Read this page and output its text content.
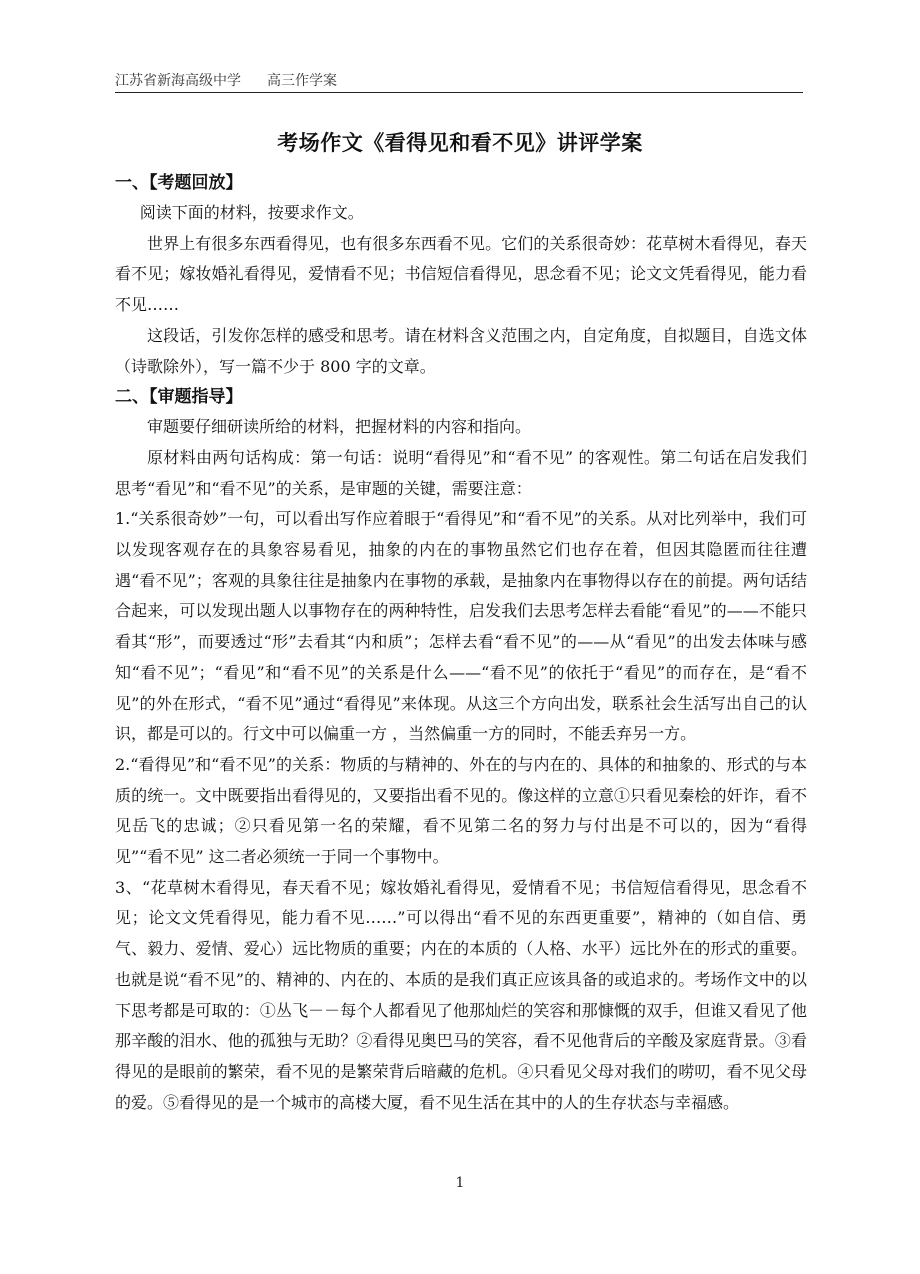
江苏省新海高级中学 高三作学案
考场作文《看得见和看不见》讲评学案
一、【考题回放】

阅读下面的材料，按要求作文。

世界上有很多东西看得见，也有很多东西看不见。它们的关系很奇妙：花草树木看得见，春天看不见；嫁妆婚礼看得见，爱情看不见；书信短信看得见，思念看不见；论文文凭看得见，能力看不见……

这段话，引发你怎样的感受和思考。请在材料含义范围之内，自定角度，自拟题目，自选文体（诗歌除外），写一篇不少于 800 字的文章。

二、【审题指导】

审题要仔细研读所给的材料，把握材料的内容和指向。

原材料由两句话构成：第一句话：说明“看得见”和“看不见” 的客观性。第二句话在启发我们思考“看见”和“看不见”的关系，是审题的关键，需要注意：

1.“关系很奇妙”一句，可以看出写作应着眼于“看得见”和“看不见”的关系。从对比列举中，我们可以发现客观存在的具象容易看见，抽象的内在的事物虽然它们也存在着，但因其隐匿而往往遭遇“看不见”；客观的具象往往是抽象内在事物的承载，是抽象内在事物得以存在的前提。两句话结合起来，可以发现出题人以事物存在的两种特性，启发我们去思考怎样去看能“看见”的——不能只看其“形”，而要透过“形”去看其“内和质”；怎样去看“看不见”的——从“看见”的出发去体味与感知“看不见”；“看见”和“看不见”的关系是什么——“看不见”的依托于“看见”的而存在，是“看不见”的外在形式，“看不见”通过“看得见”来体现。从这三个方向出发，联系社会生活写出自己的认识，都是可以的。行文中可以偏重一方 ，当然偏重一方的同时，不能丢弃另一方。

2.“看得见”和“看不见”的关系：物质的与精神的、外在的与内在的、具体的和抽象的、形式的与本质的统一。文中既要指出看得见的，又要指出看不见的。像这样的立意①只看见秦桧的奸诈，看不见岳飞的忠诚；②只看见第一名的荣耀，看不见第二名的努力与付出是不可以的，因为“看得见”“看不见” 这二者必须统一于同一个事物中。

3、“花草树木看得见，春天看不见；嫁妆婚礼看得见，爱情看不见；书信短信看得见，思念看不见；论文文凭看得见，能力看不见……”可以得出“看不见的东西更重要”，精神的（如自信、勇气、毅力、爱情、爱心）远比物质的重要；内在的本质的（人格、水平）远比外在的形式的重要。也就是说“看不见”的、精神的、内在的、本质的是我们真正应该具备的或追求的。考场作文中的以下思考都是可取的：①丛飞－－每个人都看见了他那灿烂的笑容和那慷慨的双手，但谁又看见了他那辛酸的泪水、他的孤独与无助？②看得见奥巴马的笑容，看不见他背后的辛酸及家庭背景。③看得见的是眼前的繁荣，看不见的是繁荣背后暗藏的危机。④只看见父母对我们的唠叨，看不见父母的爱。⑤看得见的是一个城市的高楼大厦，看不见生活在其中的人的生存状态与幸福感。

1
